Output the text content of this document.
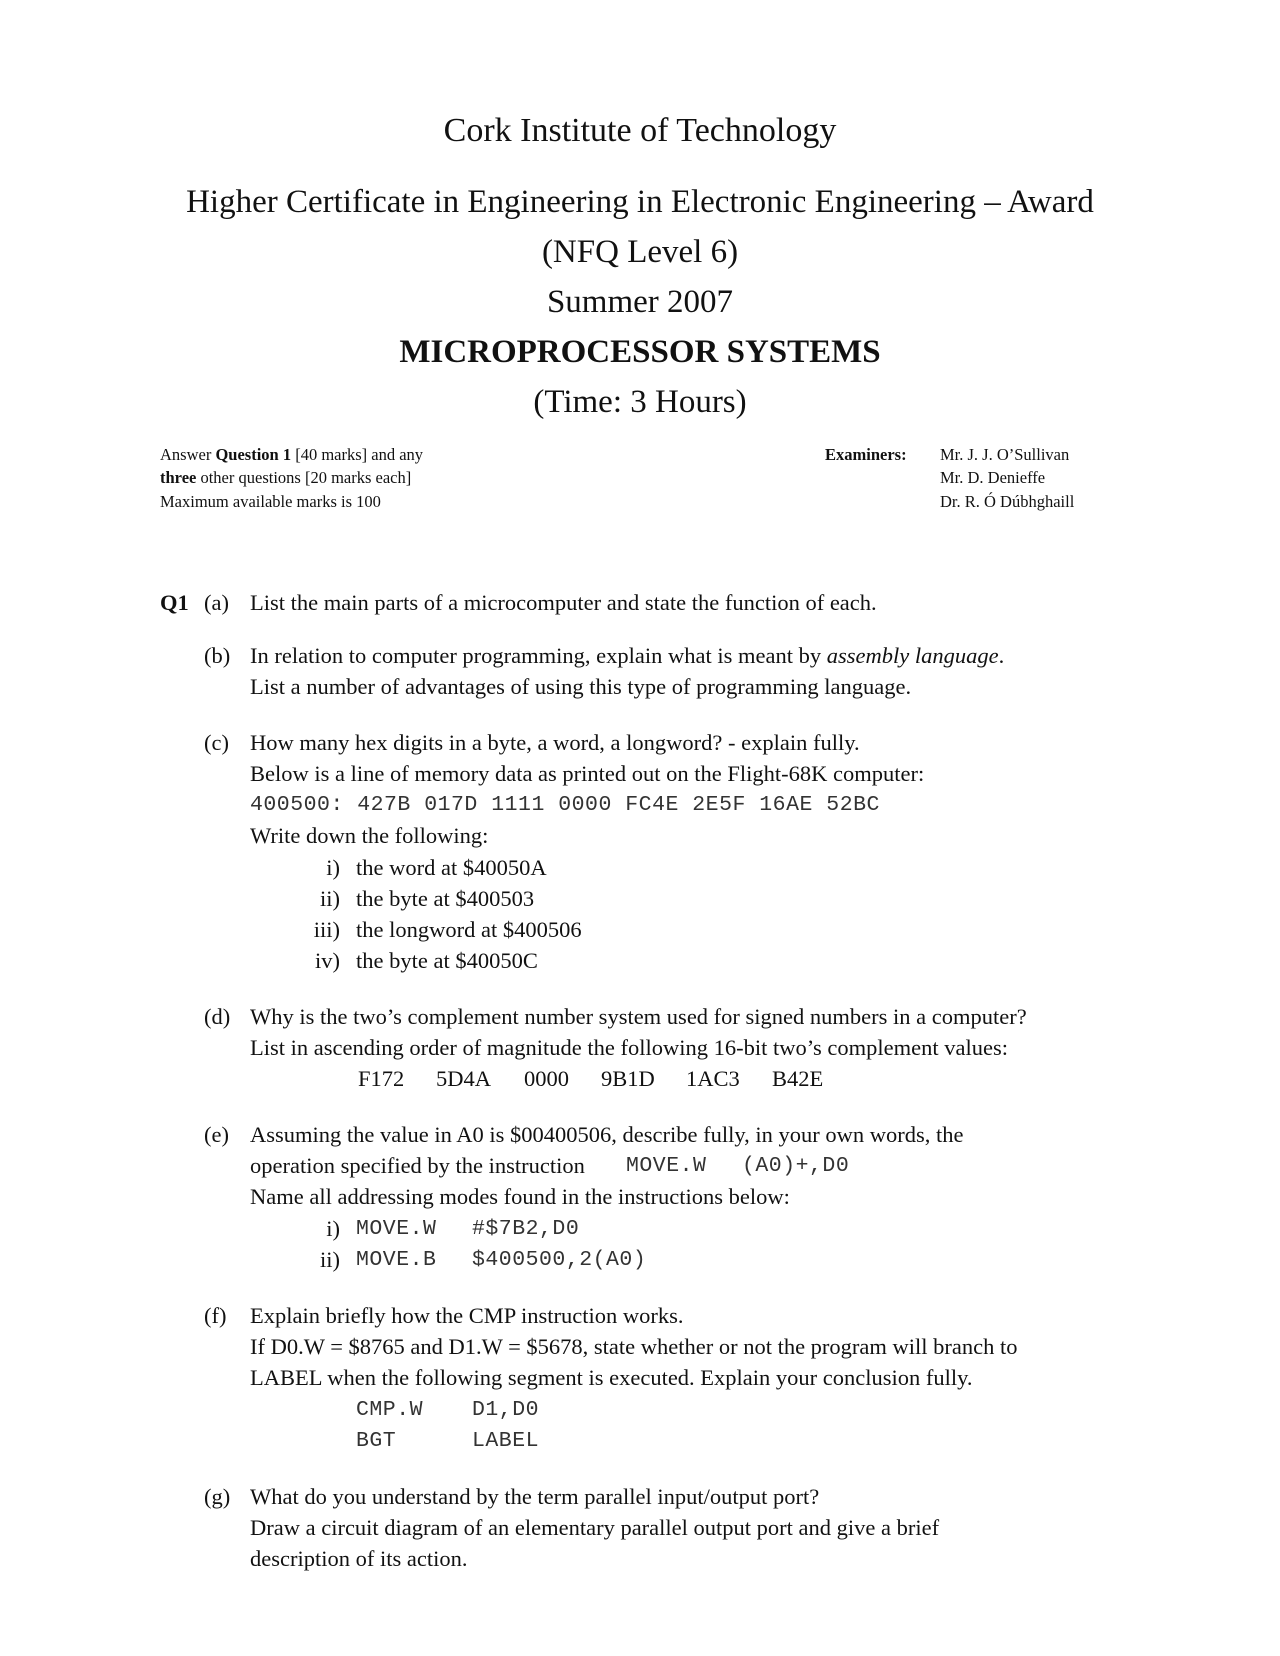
Cork Institute of Technology
Higher Certificate in Engineering in Electronic Engineering – Award
(NFQ Level 6)
Summer 2007
MICROPROCESSOR SYSTEMS
(Time: 3 Hours)
Answer Question 1 [40 marks] and any
three other questions [20 marks each]
Maximum available marks is 100
Examiners: Mr. J. J. O’Sullivan
Mr. D. Denieffe
Dr. R. Ó Dúbhghaill
Q1 (a) List the main parts of a microcomputer and state the function of each.
(b) In relation to computer programming, explain what is meant by assembly language.
List a number of advantages of using this type of programming language.
(c) How many hex digits in a byte, a word, a longword? - explain fully.
Below is a line of memory data as printed out on the Flight-68K computer:
400500: 427B 017D 1111 0000 FC4E 2E5F 16AE 52BC
Write down the following:
i) the word at $40050A
ii) the byte at $400503
iii) the longword at $400506
iv) the byte at $40050C
(d) Why is the two’s complement number system used for signed numbers in a computer?
List in ascending order of magnitude the following 16-bit two’s complement values:
F172 5D4A 0000 9B1D 1AC3 B42E
(e) Assuming the value in A0 is $00400506, describe fully, in your own words, the
operation specified by the instruction MOVE.W (A0)+,D0
Name all addressing modes found in the instructions below:
i) MOVE.W #$7B2,D0
ii) MOVE.B $400500,2(A0)
(f) Explain briefly how the CMP instruction works.
If D0.W = $8765 and D1.W = $5678, state whether or not the program will branch to
LABEL when the following segment is executed. Explain your conclusion fully.
CMP.W D1,D0
BGT	LABEL
(g) What do you understand by the term parallel input/output port?
Draw a circuit diagram of an elementary parallel output port and give a brief
description of its action.
